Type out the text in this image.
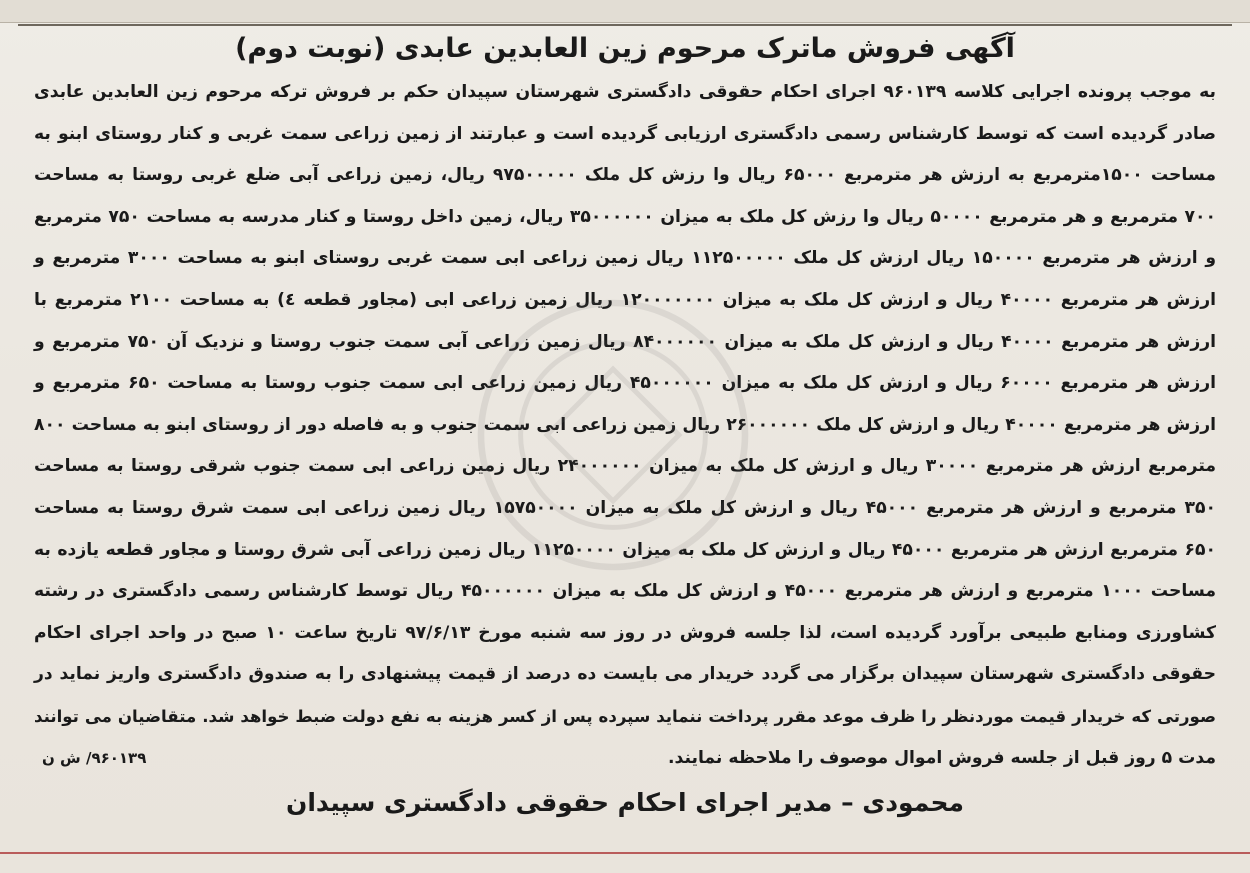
آگهی فروش ماترک مرحوم زین العابدین عابدی (نوبت دوم)
به موجب پرونده اجرایی کلاسه ۹۶۰۱۳۹ اجرای احکام حقوقی دادگستری شهرستان سپیدان حکم بر فروش ترکه مرحوم زین العابدین عابدی
صادر گردیده است که توسط کارشناس رسمی دادگستری ارزیابی گردیده است و عبارتند از زمین زراعی سمت غربی و کنار روستای ابنو به
مساحت ۱۵۰۰مترمربع به ارزش هر مترمربع ۶۵۰۰۰ ریال وا رزش کل ملک ۹۷۵۰۰۰۰۰ ریال، زمین زراعی آبی ضلع غربی روستا به مساحت
۷۰۰ مترمربع و هر مترمربع ۵۰۰۰۰ ریال وا رزش کل ملک به میزان ۳۵۰۰۰۰۰۰ ریال، زمین داخل روستا و کنار مدرسه به مساحت ۷۵۰ مترمربع
و ارزش هر مترمربع ۱۵۰۰۰۰ ریال ارزش کل ملک ۱۱۲۵۰۰۰۰۰ ریال زمین زراعی ابی سمت غربی روستای ابنو به مساحت ۳۰۰۰ مترمربع و
ارزش هر مترمربع ۴۰۰۰۰ ریال و ارزش کل ملک به میزان ۱۲۰۰۰۰۰۰۰ ریال زمین زراعی ابی (مجاور قطعه ٤) به مساحت ۲۱۰۰ مترمربع با
ارزش هر مترمربع ۴۰۰۰۰ ریال و ارزش کل ملک به میزان ۸۴۰۰۰۰۰۰ ریال زمین زراعی آبی سمت جنوب روستا و نزدیک آن ۷۵۰ مترمربع و
ارزش هر مترمربع ۶۰۰۰۰ ریال و ارزش کل ملک به میزان ۴۵۰۰۰۰۰۰ ریال زمین زراعی ابی سمت جنوب روستا به مساحت ۶۵۰ مترمربع و
ارزش هر مترمربع ۴۰۰۰۰ ریال و ارزش کل ملک ۲۶۰۰۰۰۰۰ ریال زمین زراعی ابی سمت جنوب و به فاصله دور از روستای ابنو به مساحت ۸۰۰
مترمربع ارزش هر مترمربع ۳۰۰۰۰ ریال و ارزش کل ملک به میزان ۲۴۰۰۰۰۰۰ ریال زمین زراعی ابی سمت جنوب شرقی روستا به مساحت
۳۵۰ مترمربع و ارزش هر مترمربع ۴۵۰۰۰ ریال و ارزش کل ملک به میزان ۱۵۷۵۰۰۰۰ ریال زمین زراعی ابی سمت شرق روستا به مساحت
۶۵۰ مترمربع ارزش هر مترمربع ۴۵۰۰۰ ریال و ارزش کل ملک به میزان ۱۱۲۵۰۰۰۰ ریال زمین زراعی آبی شرق روستا و مجاور قطعه یازده به
مساحت ۱۰۰۰ مترمربع و ارزش هر مترمربع ۴۵۰۰۰ و ارزش کل ملک به میزان ۴۵۰۰۰۰۰۰ ریال توسط کارشناس رسمی دادگستری در رشته
کشاورزی ومنابع طبیعی برآورد گردیده است، لذا جلسه فروش در روز سه شنبه مورخ ۹۷/۶/۱۳ تاریخ ساعت ۱۰ صبح در واحد اجرای احکام
حقوقی دادگستری شهرستان سپیدان برگزار می گردد خریدار می بایست ده درصد از قیمت پیشنهادی را به صندوق دادگستری واریز نماید در
صورتی که خریدار قیمت موردنظر را ظرف موعد مقرر پرداخت ننماید سپرده پس از کسر هزینه به نفع دولت ضبط خواهد شد. متقاضیان می توانند
مدت ۵ روز قبل از جلسه فروش اموال موصوف را ملاحظه نمایند.
۹۶۰۱۳۹/ ش ن
محمودی – مدیر اجرای احکام حقوقی دادگستری سپیدان
